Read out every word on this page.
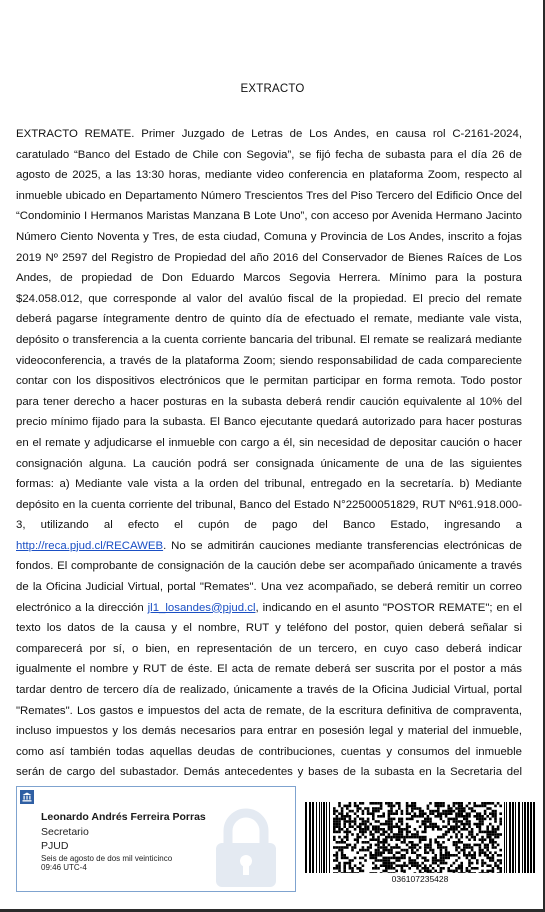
EXTRACTO

EXTRACTO REMATE. Primer Juzgado de Letras de Los Andes, en causa rol C-2161-2024, caratulado “Banco del Estado de Chile con Segovia”, se fijó fecha de subasta para el día 26 de agosto de 2025, a las 13:30 horas, mediante video conferencia en plataforma Zoom, respecto al inmueble ubicado en Departamento Número Trescientos Tres del Piso Tercero del Edificio Once del “Condominio I Hermanos Maristas Manzana B Lote Uno”, con acceso por Avenida Hermano Jacinto Número Ciento Noventa y Tres, de esta ciudad, Comuna y Provincia de Los Andes, inscrito a fojas 2019 Nº 2597 del Registro de Propiedad del año 2016 del Conservador de Bienes Raíces de Los Andes, de propiedad de Don Eduardo Marcos Segovia Herrera. Mínimo para la postura $24.058.012, que corresponde al valor del avalúo fiscal de la propiedad. El precio del remate deberá pagarse íntegramente dentro de quinto día de efectuado el remate, mediante vale vista, depósito o transferencia a la cuenta corriente bancaria del tribunal. El remate se realizará mediante videoconferencia, a través de la plataforma Zoom; siendo responsabilidad de cada compareciente contar con los dispositivos electrónicos que le permitan participar en forma remota. Todo postor para tener derecho a hacer posturas en la subasta deberá rendir caución equivalente al 10% del precio mínimo fijado para la subasta. El Banco ejecutante quedará autorizado para hacer posturas en el remate y adjudicarse el inmueble con cargo a él, sin necesidad de depositar caución o hacer consignación alguna. La caución podrá ser consignada únicamente de una de las siguientes formas: a) Mediante vale vista a la orden del tribunal, entregado en la secretaría. b) Mediante depósito en la cuenta corriente del tribunal, Banco del Estado N°22500051829, RUT Nº61.918.000-3, utilizando al efecto el cupón de pago del Banco Estado, ingresando a http://reca.pjud.cl/RECAWEB. No se admitirán cauciones mediante transferencias electrónicas de fondos. El comprobante de consignación de la caución debe ser acompañado únicamente a través de la Oficina Judicial Virtual, portal "Remates". Una vez acompañado, se deberá remitir un correo electrónico a la dirección jl1_losandes@pjud.cl, indicando en el asunto "POSTOR REMATE"; en el texto los datos de la causa y el nombre, RUT y teléfono del postor, quien deberá señalar si comparecerá por sí, o bien, en representación de un tercero, en cuyo caso deberá indicar igualmente el nombre y RUT de éste. El acta de remate deberá ser suscrita por el postor a más tardar dentro de tercero día de realizado, únicamente a través de la Oficina Judicial Virtual, portal "Remates". Los gastos e impuestos del acta de remate, de la escritura definitiva de compraventa, incluso impuestos y los demás necesarios para entrar en posesión legal y material del inmueble, como así también todas aquellas deudas de contribuciones, cuentas y consumos del inmueble serán de cargo del subastador. Demás antecedentes y bases de la subasta en la Secretaria del

Leonardo Andrés Ferreira Porras
Secretario
PJUD
Seis de agosto de dos mil veinticinco
09:46 UTC-4
036107235428
